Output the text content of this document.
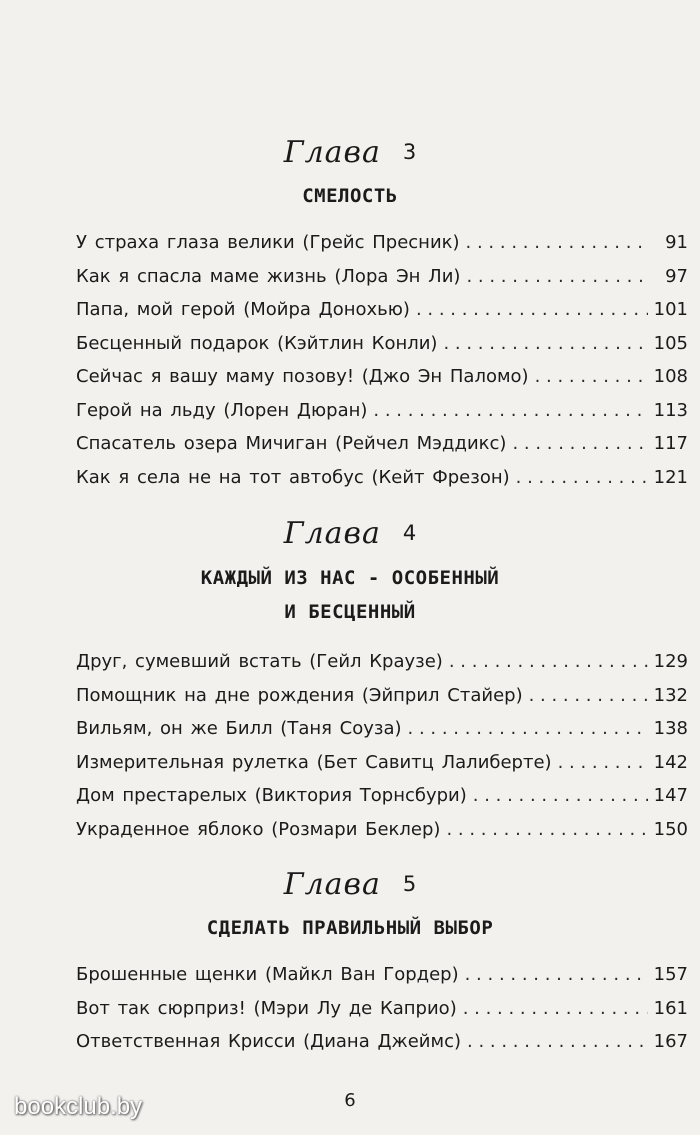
Глава 3
СМЕЛОСТЬ
У страха глаза велики (Грейс Пресник) . . .	91
Как я спасла маме жизнь (Лора Эн Ли) . . .	97
Папа, мой герой (Мойра Донохью) . . .	101
Бесценный подарок (Кэйтлин Конли) . . .	105
Сейчас я вашу маму позову! (Джо Эн Паломо) . . .	108
Герой на льду (Лорен Дюран) . . .	113
Спасатель озера Мичиган (Рейчел Мэддикс) . . .	117
Как я села не на тот автобус (Кейт Фрезон) . . .	121
Глава 4
КАЖДЫЙ ИЗ НАС - ОСОБЕННЫЙ
И БЕСЦЕННЫЙ
Друг, сумевший встать (Гейл Краузе) . . .	129
Помощник на дне рождения (Эйприл Стайер) . . .	132
Вильям, он же Билл (Таня Соуза) . . .	138
Измерительная рулетка (Бет Савитц Лалиберте) . . .	142
Дом престарелых (Виктория Торнсбури) . . .	147
Украденное яблоко (Розмари Беклер) . . .	150
Глава 5
СДЕЛАТЬ ПРАВИЛЬНЫЙ ВЫБОР
Брошенные щенки (Майкл Ван Гордер) . . .	157
Вот так сюрприз! (Мэри Лу де Каприо) . . .	161
Ответственная Крисси (Диана Джеймс) . . .	167
6
bookclub.by
